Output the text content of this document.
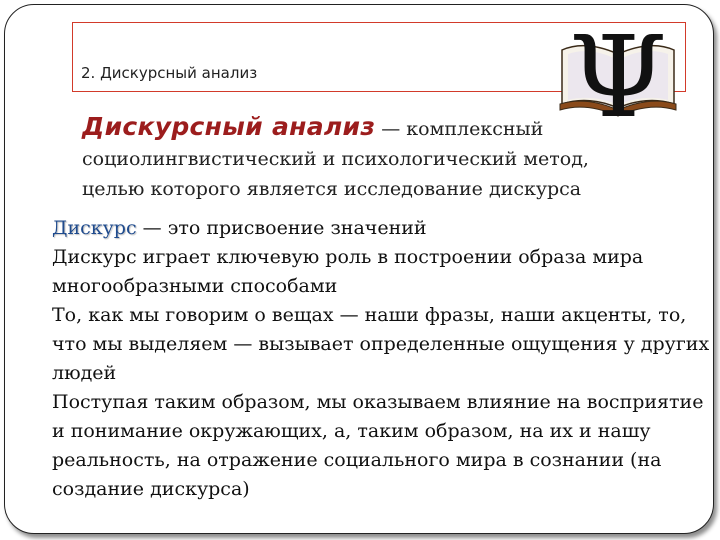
2. Дискурсный анализ	Ψ
Дискурсный анализ — комплексный социолингвистический и психологический метод, целью которого является исследование дискурса

Дискурс — это присвоение значений

Дискурс играет ключевую роль в построении образа мира многообразными способами

То, как мы говорим о вещах — наши фразы, наши акценты, то, что мы выделяем — вызывает определенные ощущения у других людей

Поступая таким образом, мы оказываем влияние на восприятие и понимание окружающих, а, таким образом, на их и нашу реальность, на отражение социального мира в сознании (на создание дискурса)
